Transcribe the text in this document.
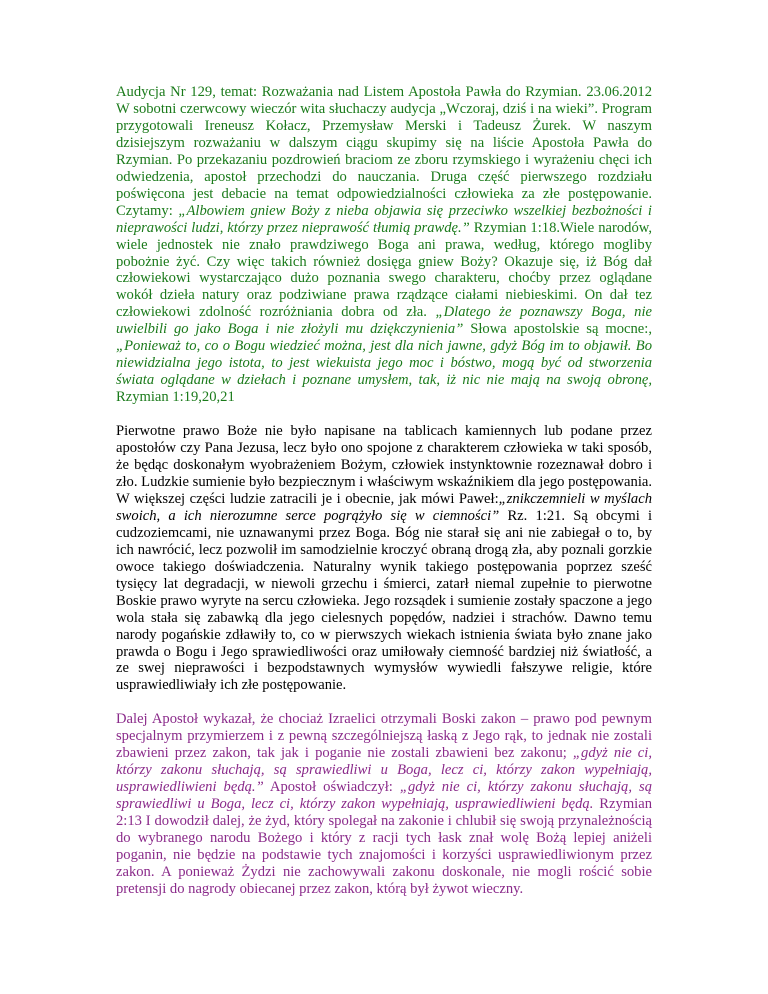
Audycja Nr 129, temat: Rozważania nad Listem Apostoła Pawła do Rzymian. 23.06.2012 W sobotni czerwcowy wieczór wita słuchaczy audycja „Wczoraj, dziś i na wieki”. Program przygotowali Ireneusz Kołacz, Przemysław Merski i Tadeusz Żurek. W naszym dzisiejszym rozważaniu w dalszym ciągu skupimy się na liście Apostoła Pawła do Rzymian. Po przekazaniu pozdrowień braciom ze zboru rzymskiego i wyrażeniu chęci ich odwiedzenia, apostoł przechodzi do nauczania. Druga część pierwszego rozdziału poświęcona jest debacie na temat odpowiedzialności człowieka za złe postępowanie. Czytamy: „Albowiem gniew Boży z nieba objawia się przeciwko wszelkiej bezbożności i nieprawości ludzi, którzy przez nieprawość tłumią prawdę.” Rzymian 1:18.Wiele narodów, wiele jednostek nie znało prawdziwego Boga ani prawa, według, którego mogliby pobożnie żyć. Czy więc takich również dosięga gniew Boży? Okazuje się, iż Bóg dał człowiekowi wystarczająco dużo poznania swego charakteru, choćby przez oglądane wokół dzieła natury oraz podziwiane prawa rządzące ciałami niebieskimi. On dał tez człowiekowi zdolność rozróżniania dobra od zła. „Dlatego że poznawszy Boga, nie uwielbili go jako Boga i nie złożyli mu dziękczynienia” Słowa apostolskie są mocne:, „Ponieważ to, co o Bogu wiedzieć można, jest dla nich jawne, gdyż Bóg im to objawił. Bo niewidzialna jego istota, to jest wiekuista jego moc i bóstwo, mogą być od stworzenia świata oglądane w dziełach i poznane umysłem, tak, iż nic nie mają na swoją obronę, Rzymian 1:19,20,21

Pierwotne prawo Boże nie było napisane na tablicach kamiennych lub podane przez apostołów czy Pana Jezusa, lecz było ono spojone z charakterem człowieka w taki sposób, że będąc doskonałym wyobrażeniem Bożym, człowiek instynktownie rozeznawał dobro i zło. Ludzkie sumienie było bezpiecznym i właściwym wskaźnikiem dla jego postępowania. W większej części ludzie zatracili je i obecnie, jak mówi Paweł:„znikczemnieli w myślach swoich, a ich nierozumne serce pogrążyło się w ciemności” Rz. 1:21. Są obcymi i cudzoziemcami, nie uznawanymi przez Boga. Bóg nie starał się ani nie zabiegał o to, by ich nawrócić, lecz pozwolił im samodzielnie kroczyć obraną drogą zła, aby poznali gorzkie owoce takiego doświadczenia. Naturalny wynik takiego postępowania poprzez sześć tysięcy lat degradacji, w niewoli grzechu i śmierci, zatarł niemal zupełnie to pierwotne Boskie prawo wyryte na sercu człowieka. Jego rozsądek i sumienie zostały spaczone a jego wola stała się zabawką dla jego cielesnych popędów, nadziei i strachów. Dawno temu narody pogańskie zdławiły to, co w pierwszych wiekach istnienia świata było znane jako prawda o Bogu i Jego sprawiedliwości oraz umiłowały ciemność bardziej niż światłość, a ze swej nieprawości i bezpodstawnych wymysłów wywiedli fałszywe religie, które usprawiedliwiały ich złe postępowanie.

Dalej Apostoł wykazał, że chociaż Izraelici otrzymali Boski zakon – prawo pod pewnym specjalnym przymierzem i z pewną szczególniejszą łaską z Jego rąk, to jednak nie zostali zbawieni przez zakon, tak jak i poganie nie zostali zbawieni bez zakonu; „gdyż nie ci, którzy zakonu słuchają, są sprawiedliwi u Boga, lecz ci, którzy zakon wypełniają, usprawiedliwieni będą.” Apostoł oświadczył: „gdyż nie ci, którzy zakonu słuchają, są sprawiedliwi u Boga, lecz ci, którzy zakon wypełniają, usprawiedliwieni będą. Rzymian 2:13 I dowodził dalej, że żyd, który spolegał na zakonie i chlubił się swoją przynależnością do wybranego narodu Bożego i który z racji tych łask znał wolę Bożą lepiej aniżeli poganin, nie będzie na podstawie tych znajomości i korzyści usprawiedliwionym przez zakon. A ponieważ Żydzi nie zachowywali zakonu doskonale, nie mogli rościć sobie pretensji do nagrody obiecanej przez zakon, którą był żywot wieczny.
